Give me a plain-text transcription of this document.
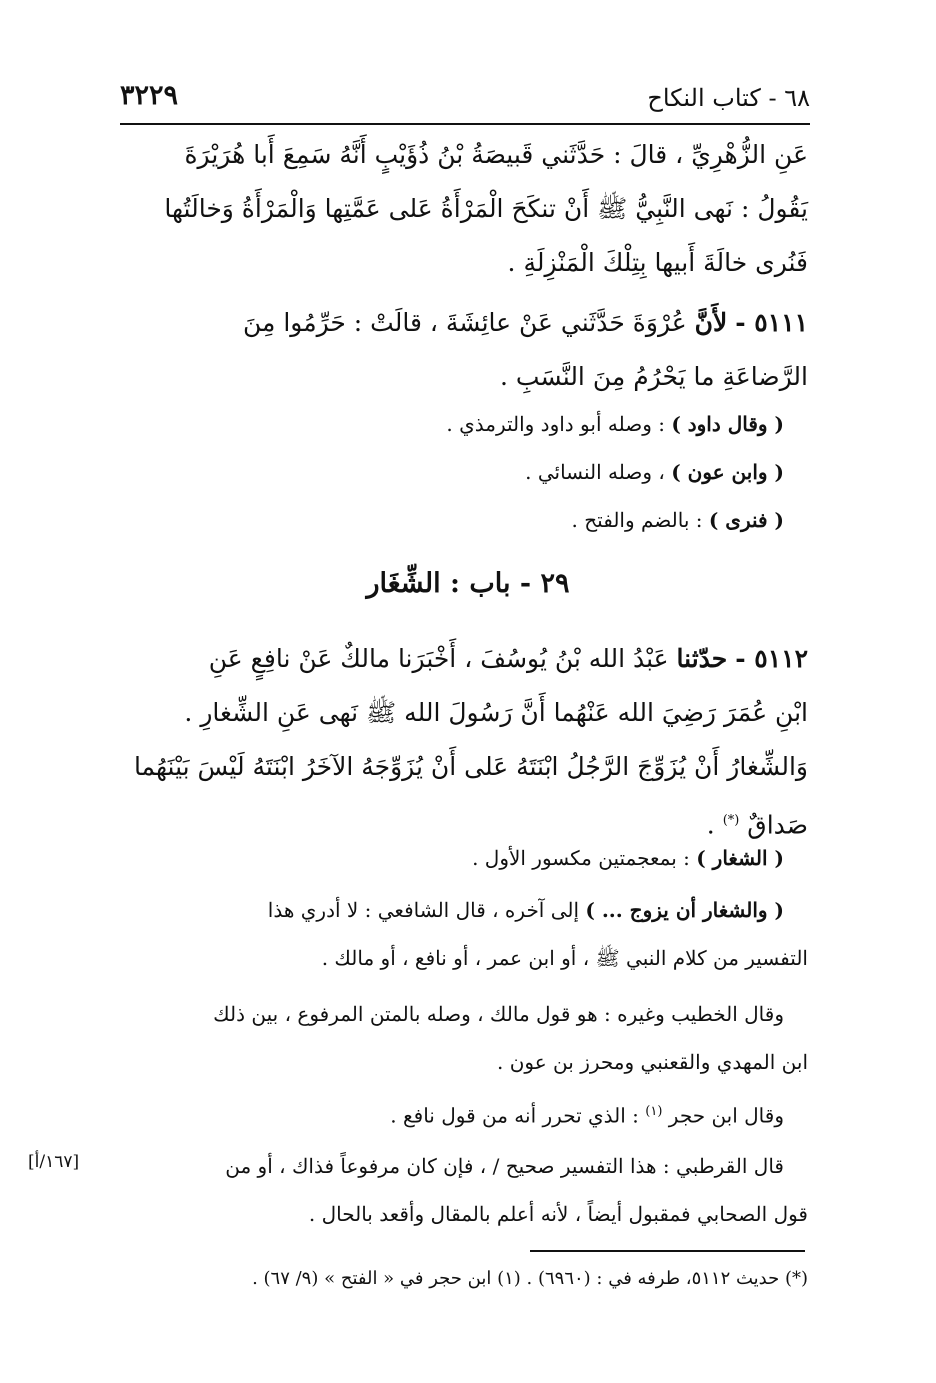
٣٢٢٩	٦٨ - كتاب النكاح
عَنِ الزُّهْرِيِّ ، قالَ : حَدَّثَني قَبيصَةُ بْنُ ذُؤَيْبٍ أَنَّهُ سَمِعَ أَبا هُرَيْرَةَ
يَقُولُ : نَهى النَّبِيُّ ﷺ أَنْ تنكَحَ الْمَرْأَةُ عَلى عَمَّتِها وَالْمَرْأَةُ وَخالَتُها
فَنُرى خالَةَ أَبيها بِتِلْكَ الْمَنْزِلَةِ .
٥١١١ - لأَنَّ عُرْوَةَ حَدَّثَني عَنْ عائِشَةَ ، قالَتْ : حَرِّمُوا مِنَ
الرَّضاعَةِ ما يَحْرُمُ مِنَ النَّسَبِ .
( وقال داود ) : وصله أبو داود والترمذي .
( وابن عون ) ، وصله النسائي .
( فنرى ) : بالضم والفتح .
٢٩ - باب : الشِّغَار
٥١١٢ - حدّثنا عَبْدُ الله بْنُ يُوسُفَ ، أَخْبَرَنا مالكٌ عَنْ نافِعٍ عَنِ
ابْنِ عُمَرَ رَضِيَ الله عَنْهُما أَنَّ رَسُولَ الله ﷺ نَهى عَنِ الشِّغارِ .
وَالشِّغارُ أَنْ يُزَوِّجَ الرَّجُلُ ابْنَتَهُ عَلى أَنْ يُزَوِّجَهُ الآخَرُ ابْنَتَهُ لَيْسَ بَيْنَهُما
صَداقٌ (*) .
( الشغار ) : بمعجمتين مكسور الأول .
( والشغار أن يزوج ... ) إلى آخره ، قال الشافعي : لا أدري هذا
التفسير من كلام النبي ﷺ ، أو ابن عمر ، أو نافع ، أو مالك .
وقال الخطيب وغيره : هو قول مالك ، وصله بالمتن المرفوع ، بين ذلك
ابن المهدي والقعنبي ومحرز بن عون .
وقال ابن حجر $^{(١)}$ : الذي تحرر أنه من قول نافع .
قال القرطبي : هذا التفسير صحيح / ، فإن كان مرفوعاً فذاك ، أو من
قول الصحابي فمقبول أيضاً ، لأنه أعلم بالمقال وأقعد بالحال .
[١٦٧/أ]
(*) حديث ٥١١٢، طرفه في : (٦٩٦٠) . (١) ابن حجر في « الفتح » (٩/ ٦٧) .
